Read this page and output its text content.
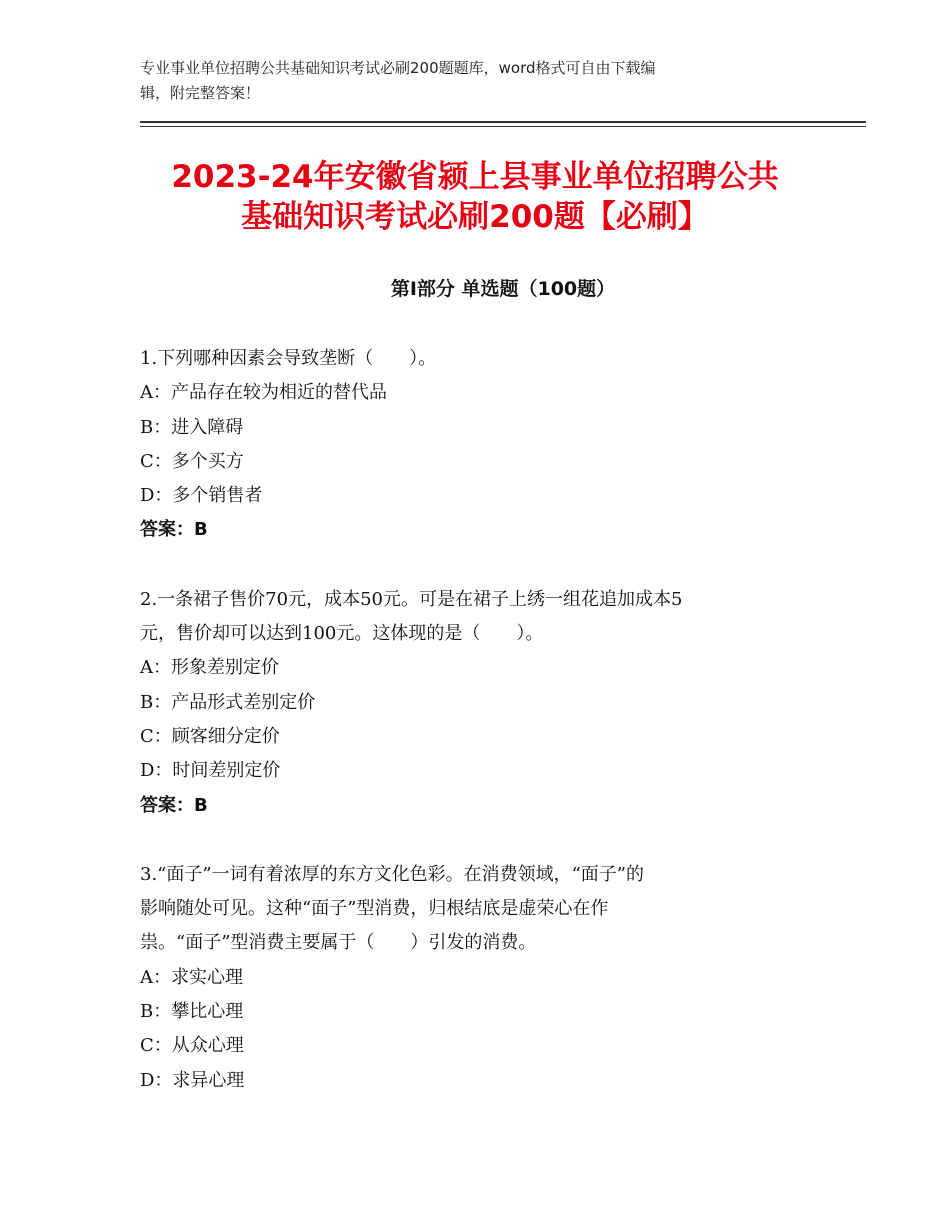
专业事业单位招聘公共基础知识考试必刷200题题库，word格式可自由下载编
辑，附完整答案！
2023-24年安徽省颍上县事业单位招聘公共
基础知识考试必刷200题【必刷】
第Ⅰ部分 单选题（100题）
1.下列哪种因素会导致垄断（　　）。
A：产品存在较为相近的替代品
B：进入障碍
C：多个买方
D：多个销售者
答案：B
2.一条裙子售价70元，成本50元。可是在裙子上绣一组花追加成本5
元，售价却可以达到100元。这体现的是（　　）。
A：形象差别定价
B：产品形式差别定价
C：顾客细分定价
D：时间差别定价
答案：B
3.“面子”一词有着浓厚的东方文化色彩。在消费领域，“面子”的
影响随处可见。这种“面子”型消费，归根结底是虚荣心在作
祟。“面子”型消费主要属于（　　）引发的消费。
A：求实心理
B：攀比心理
C：从众心理
D：求异心理
